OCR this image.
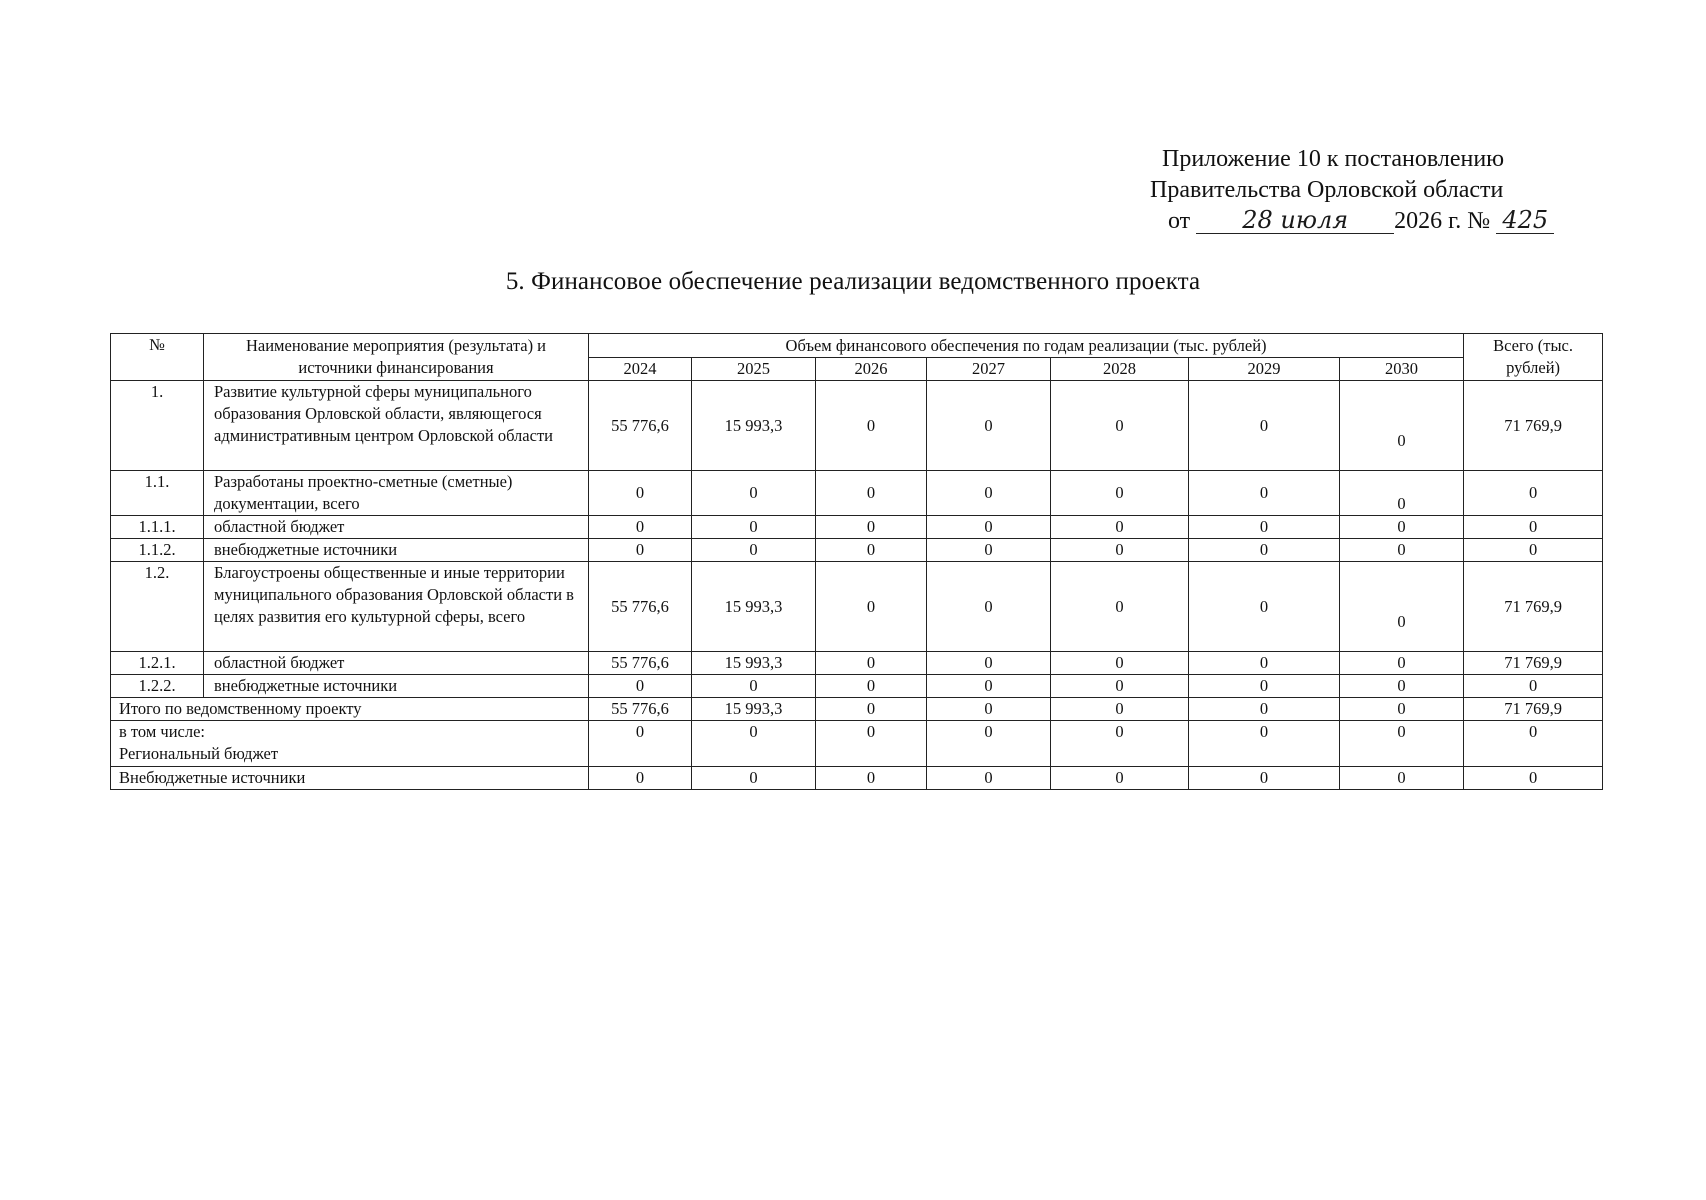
Приложение 10 к постановлению
Правительства Орловской области
от 28 июля 2026 г. № 425
5. Финансовое обеспечение реализации ведомственного проекта
№	Наименование мероприятия (результата) и источники финансирования	Объем финансового обеспечения по годам реализации (тыс. рублей)							Всего (тыс. рублей)
		2024	2025	2026	2027	2028	2029	2030	
1.	Развитие культурной сферы муниципального образования Орловской области, являющегося административным центром Орловской области	55 776,6	15 993,3	0	0	0	0	0	71 769,9
1.1.	Разработаны проектно-сметные (сметные) документации, всего	0	0	0	0	0	0	0	0
1.1.1.	областной бюджет	0	0	0	0	0	0	0	0
1.1.2.	внебюджетные источники	0	0	0	0	0	0	0	0
1.2.	Благоустроены общественные и иные территории муниципального образования Орловской области в целях развития его культурной сферы, всего	55 776,6	15 993,3	0	0	0	0	0	71 769,9
1.2.1.	областной бюджет	55 776,6	15 993,3	0	0	0	0	0	71 769,9
1.2.2.	внебюджетные источники	0	0	0	0	0	0	0	0
Итого по ведомственному проекту		55 776,6	15 993,3	0	0	0	0	0	71 769,9

в том числе:
Региональный бюджет		0	0	0	0	0	0	0	0
Внебюджетные источники		0	0	0	0	0	0	0	0
